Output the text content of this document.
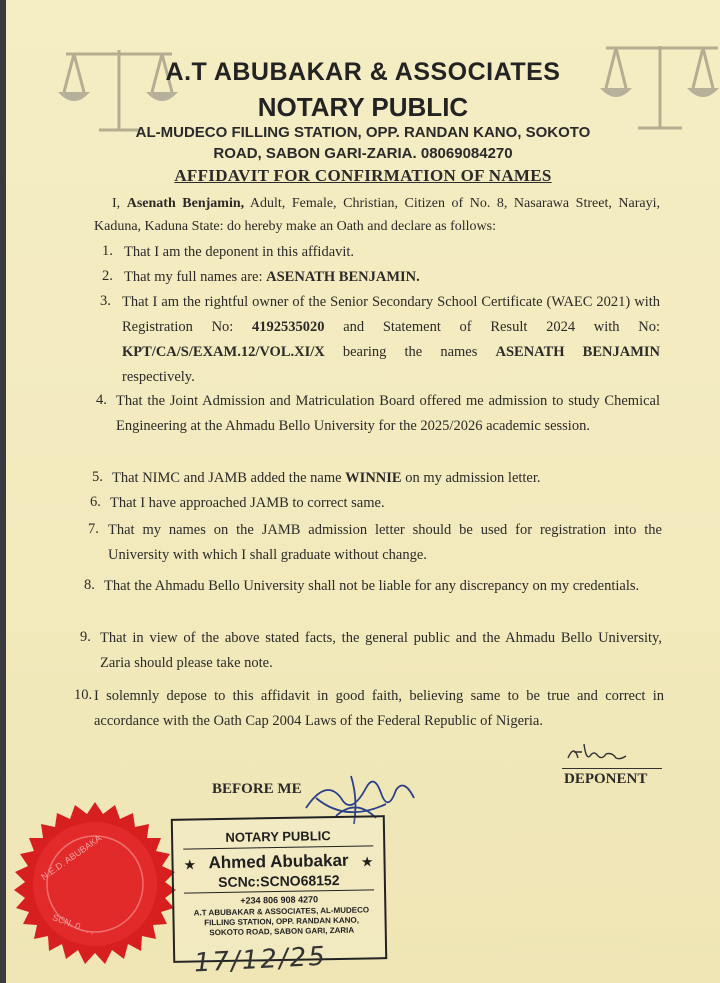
A.T ABUBAKAR & ASSOCIATES
NOTARY PUBLIC
AL-MUDECO FILLING STATION, OPP. RANDAN KANO, SOKOTO
ROAD, SABON GARI-ZARIA. 08069084270
AFFIDAVIT FOR CONFIRMATION OF NAMES
I, Asenath Benjamin, Adult, Female, Christian, Citizen of No. 8, Nasarawa Street, Narayi, Kaduna, Kaduna State: do hereby make an Oath and declare as follows:
1. That I am the deponent in this affidavit.
2. That my full names are: ASENATH BENJAMIN.
3. That I am the rightful owner of the Senior Secondary School Certificate (WAEC 2021) with Registration No: 4192535020 and Statement of Result 2024 with No: KPT/CA/S/EXAM.12/VOL.XI/X bearing the names ASENATH BENJAMIN respectively.
4. That the Joint Admission and Matriculation Board offered me admission to study Chemical Engineering at the Ahmadu Bello University for the 2025/2026 academic session.
5. That NIMC and JAMB added the name WINNIE on my admission letter.
6. That I have approached JAMB to correct same.
7. That my names on the JAMB admission letter should be used for registration into the University with which I shall graduate without change.
8. That the Ahmadu Bello University shall not be liable for any discrepancy on my credentials.
9. That in view of the above stated facts, the general public and the Ahmadu Bello University, Zaria should please take note.
10. I solemnly depose to this affidavit in good faith, believing same to be true and correct in accordance with the Oath Cap 2004 Laws of the Federal Republic of Nigeria.
DEPONENT
BEFORE ME
N.E.D. ABUBAKA
SCN. 0 . . .
NOTARY PUBLIC
★ Ahmed Abubakar ★
SCNc:SCNO68152
+234 806 908 4270
A.T ABUBAKAR & ASSOCIATES, AL-MUDECO FILLING STATION, OPP. RANDAN KANO, SOKOTO ROAD, SABON GARI, ZARIA
17/12/25
